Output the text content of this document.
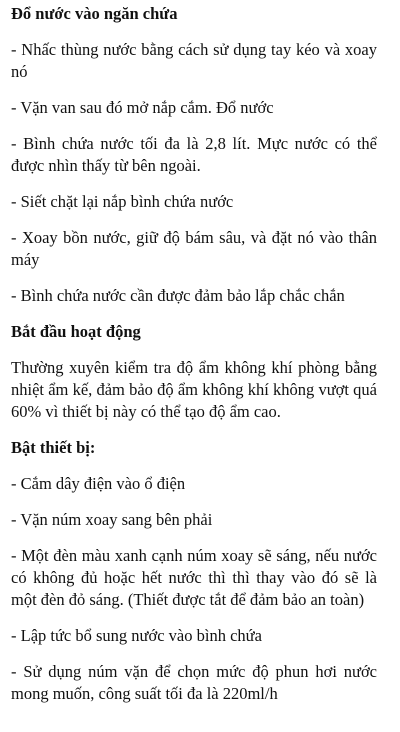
Đổ nước vào ngăn chứa
- Nhấc thùng nước bằng cách sử dụng tay kéo và xoay nó
- Vặn van sau đó mở nắp cắm. Đổ nước
- Bình chứa nước tối đa là 2,8 lít. Mực nước có thể được nhìn thấy từ bên ngoài.
- Siết chặt lại nắp bình chứa nước
- Xoay bồn nước, giữ độ bám sâu, và đặt nó vào thân máy
- Bình chứa nước cần được đảm bảo lắp chắc chắn
Bắt đầu hoạt động
Thường xuyên kiểm tra độ ẩm không khí phòng bằng nhiệt ẩm kế, đảm bảo độ ẩm không khí không vượt quá 60% vì thiết bị này có thể tạo độ ẩm cao.
Bật thiết bị:
- Cắm dây điện vào ổ điện
- Vặn núm xoay sang bên phải
- Một đèn màu xanh cạnh núm xoay sẽ sáng, nếu nước có không đủ hoặc hết nước thì thì thay vào đó sẽ là một đèn đỏ sáng. (Thiết được tắt để đảm bảo an toàn)
- Lập tức bổ sung nước vào bình chứa
- Sử dụng núm vặn để chọn mức độ phun hơi nước mong muốn, công suất tối đa là 220ml/h
